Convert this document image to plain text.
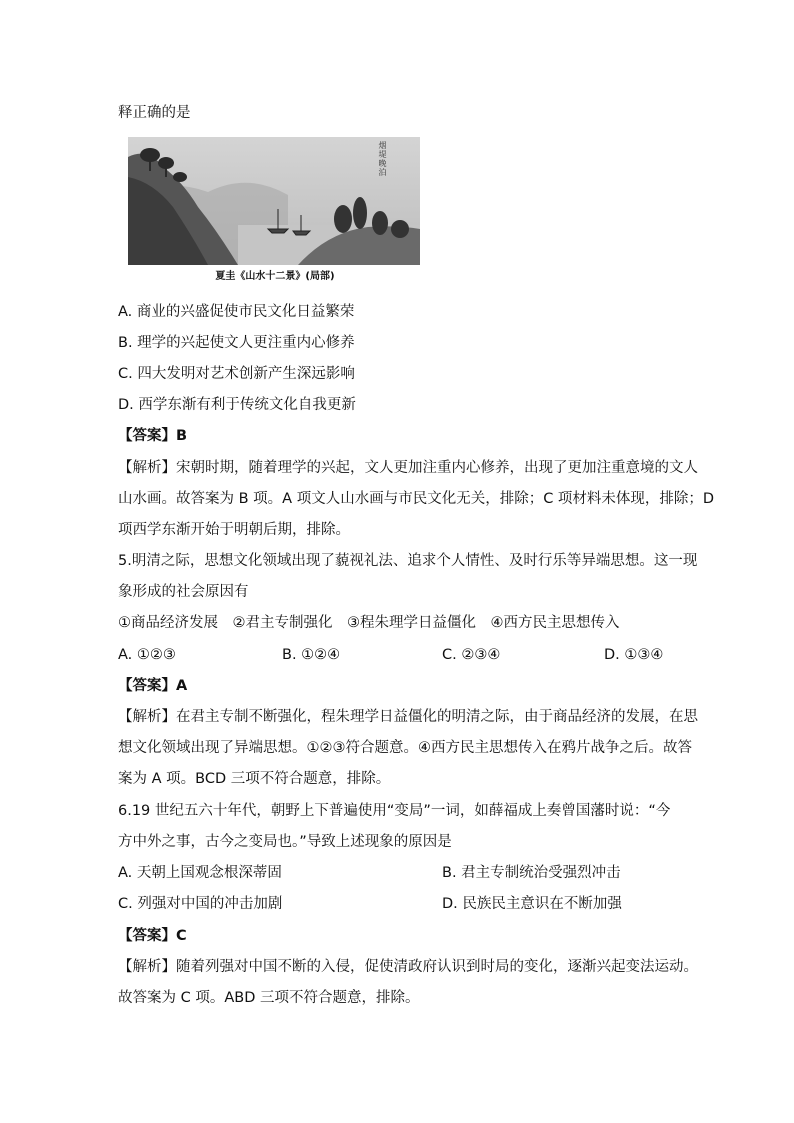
释正确的是
烟堤晚泊
夏圭《山水十二景》(局部)
A. 商业的兴盛促使市民文化日益繁荣
B. 理学的兴起使文人更注重内心修养
C. 四大发明对艺术创新产生深远影响
D. 西学东渐有利于传统文化自我更新
【答案】B
【解析】宋朝时期，随着理学的兴起，文人更加注重内心修养，出现了更加注重意境的文人
山水画。故答案为 B 项。A 项文人山水画与市民文化无关，排除；C 项材料未体现，排除；D
项西学东渐开始于明朝后期，排除。
5.明清之际，思想文化领域出现了藐视礼法、追求个人情性、及时行乐等异端思想。这一现
象形成的社会原因有
①商品经济发展　②君主专制强化　③程朱理学日益僵化　④西方民主思想传入
A. ①②③	B. ①②④	C. ②③④	D. ①③④
【答案】A
【解析】在君主专制不断强化，程朱理学日益僵化的明清之际，由于商品经济的发展，在思
想文化领域出现了异端思想。①②③符合题意。④西方民主思想传入在鸦片战争之后。故答
案为 A 项。BCD 三项不符合题意，排除。
6.19 世纪五六十年代，朝野上下普遍使用“变局”一词，如薛福成上奏曾国藩时说：“今
方中外之事，古今之变局也。”导致上述现象的原因是
A. 天朝上国观念根深蒂固	B. 君主专制统治受强烈冲击
C. 列强对中国的冲击加剧	D. 民族民主意识在不断加强
【答案】C
【解析】随着列强对中国不断的入侵，促使清政府认识到时局的变化，逐渐兴起变法运动。
故答案为 C 项。ABD 三项不符合题意，排除。
